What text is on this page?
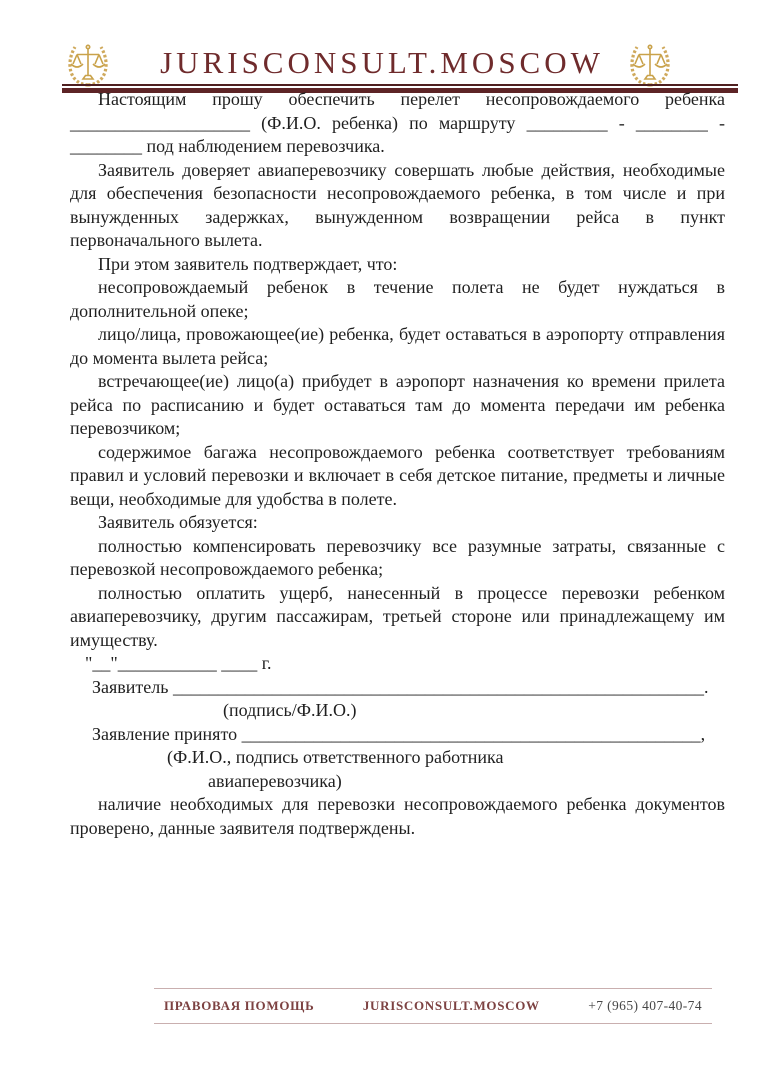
JURISCONSULT.MOSCOW

Настоящим прошу обеспечить перелет несопровождаемого ребенка ____________________ (Ф.И.О. ребенка) по маршруту _________ - ________ - ________ под наблюдением перевозчика.

Заявитель доверяет авиаперевозчику совершать любые действия, необходимые для обеспечения безопасности несопровождаемого ребенка, в том числе и при вынужденных задержках, вынужденном возвращении рейса в пункт первоначального вылета.

При этом заявитель подтверждает, что:

несопровождаемый ребенок в течение полета не будет нуждаться в дополнительной опеке;

лицо/лица, провожающее(ие) ребенка, будет оставаться в аэропорту отправления до момента вылета рейса;

встречающее(ие) лицо(а) прибудет в аэропорт назначения ко времени прилета рейса по расписанию и будет оставаться там до момента передачи им ребенка перевозчиком;

содержимое багажа несопровождаемого ребенка соответствует требованиям правил и условий перевозки и включает в себя детское питание, предметы и личные вещи, необходимые для удобства в полете.

Заявитель обязуется:

полностью компенсировать перевозчику все разумные затраты, связанные с перевозкой несопровождаемого ребенка;

полностью оплатить ущерб, нанесенный в процессе перевозки ребенком авиаперевозчику, другим пассажирам, третьей стороне или принадлежащему им имуществу.

"__"___________ ____ г.

Заявитель ___________________________________________________________.

(подпись/Ф.И.О.)

Заявление принято ___________________________________________________,

(Ф.И.О., подпись ответственного работника

авиаперевозчика)

наличие необходимых для перевозки несопровождаемого ребенка документов проверено, данные заявителя подтверждены.

ПРАВОВАЯ ПОМОЩЬ	JURISCONSULT.MOSCOW	+7 (965) 407-40-74
